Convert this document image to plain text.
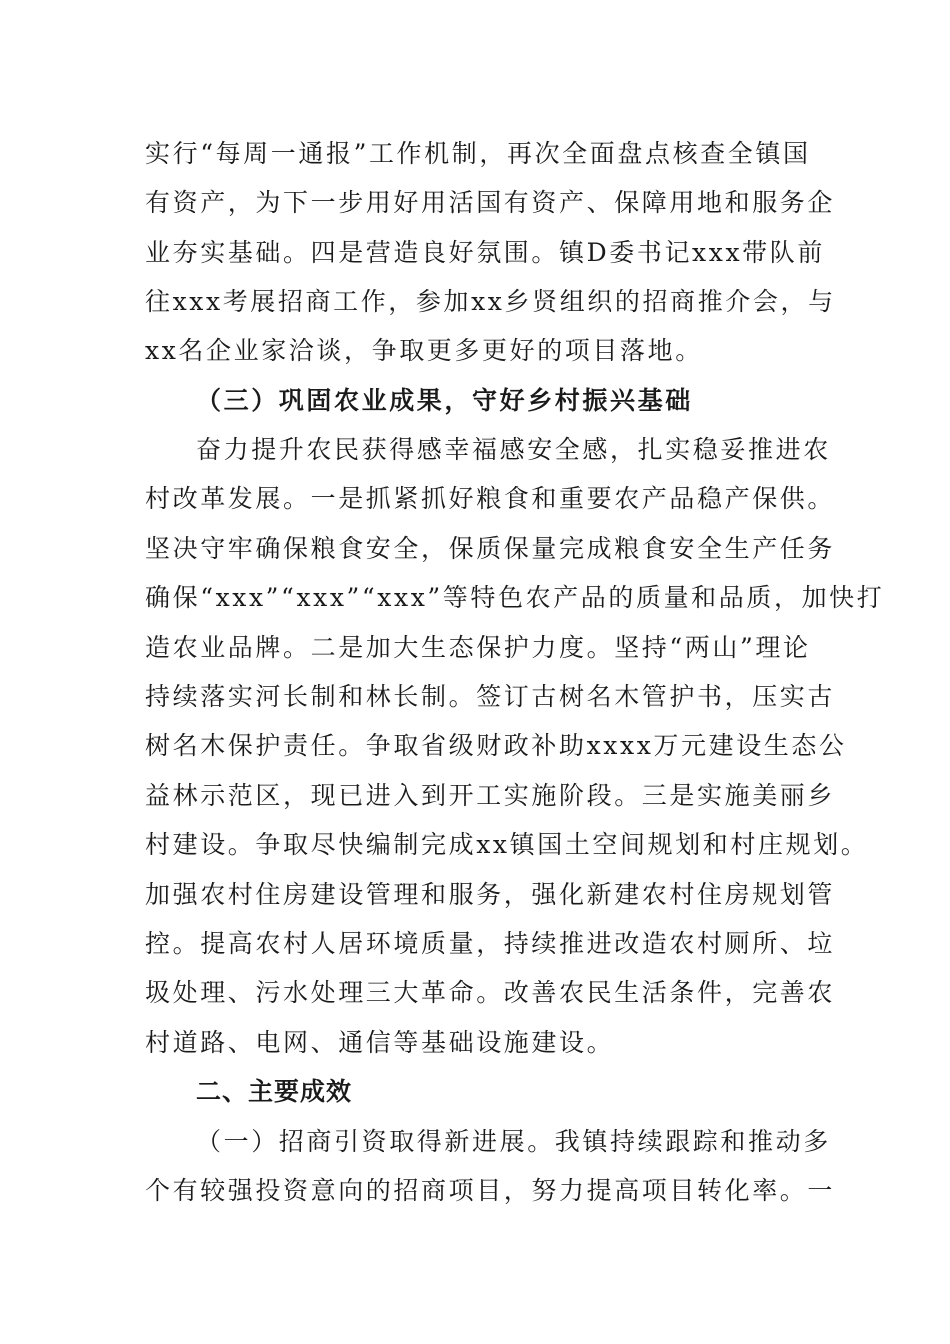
实行“每周一通报”工作机制，再次全面盘点核查全镇国
有资产，为下一步用好用活国有资产、保障用地和服务企
业夯实基础。四是营造良好氛围。镇D委书记xxx带队前
往xxx考展招商工作，参加xx乡贤组织的招商推介会，与
xx名企业家洽谈，争取更多更好的项目落地。
（三）巩固农业成果，守好乡村振兴基础
奋力提升农民获得感幸福感安全感，扎实稳妥推进农
村改革发展。一是抓紧抓好粮食和重要农产品稳产保供。
坚决守牢确保粮食安全，保质保量完成粮食安全生产任务
确保“xxx”“xxx”“xxx”等特色农产品的质量和品质，加快打
造农业品牌。二是加大生态保护力度。坚持“两山”理论
持续落实河长制和林长制。签订古树名木管护书，压实古
树名木保护责任。争取省级财政补助xxxx万元建设生态公
益林示范区，现已进入到开工实施阶段。三是实施美丽乡
村建设。争取尽快编制完成xx镇国土空间规划和村庄规划。
加强农村住房建设管理和服务，强化新建农村住房规划管
控。提高农村人居环境质量，持续推进改造农村厕所、垃
圾处理、污水处理三大革命。改善农民生活条件，完善农
村道路、电网、通信等基础设施建设。
二、主要成效
（一）招商引资取得新进展。我镇持续跟踪和推动多
个有较强投资意向的招商项目，努力提高项目转化率。一
